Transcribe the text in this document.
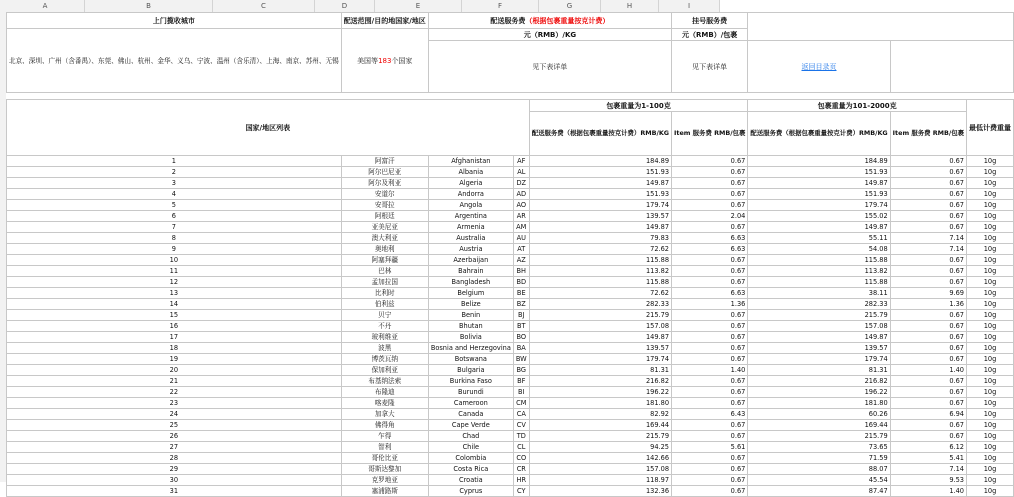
A	B	C	D	E	F	G	H	I
上门揽收城市	配送范围/目的地国家/地区	配送服务费（根据包裹重量按克计费）			挂号服务费			
北京、深圳、广州（含番禺）、东莞、佛山、杭州、金华、义乌、宁波、温州（含乐清）、上海、南京、苏州、无锡	美国等183个国家	元（RMB）/KG			元（RMB）/包裹			
		见下表详单			见下表详单	返回目录页		

国家/地区列表				包裹重量为1-100克		包裹重量为101-2000克		最低计费重量
				配送服务费（根据包裹重量按克计费）RMB/KG	Item 服务费 RMB/包裹	配送服务费（根据包裹重量按克计费）RMB/KG	Item 服务费 RMB/包裹	
1	阿富汗	Afghanistan	AF	184.89	0.67	184.89	0.67	10g
2	阿尔巴尼亚	Albania	AL	151.93	0.67	151.93	0.67	10g
3	阿尔及利亚	Algeria	DZ	149.87	0.67	149.87	0.67	10g
4	安道尔	Andorra	AD	151.93	0.67	151.93	0.67	10g
5	安哥拉	Angola	AO	179.74	0.67	179.74	0.67	10g
6	阿根廷	Argentina	AR	139.57	2.04	155.02	0.67	10g
7	亚美尼亚	Armenia	AM	149.87	0.67	149.87	0.67	10g
8	澳大利亚	Australia	AU	79.83	6.63	55.11	7.14	10g
9	奥地利	Austria	AT	72.62	6.63	54.08	7.14	10g
10	阿塞拜疆	Azerbaijan	AZ	115.88	0.67	115.88	0.67	10g
11	巴林	Bahrain	BH	113.82	0.67	113.82	0.67	10g
12	孟加拉国	Bangladesh	BD	115.88	0.67	115.88	0.67	10g
13	比利时	Belgium	BE	72.62	6.63	38.11	9.69	10g
14	伯利兹	Belize	BZ	282.33	1.36	282.33	1.36	10g
15	贝宁	Benin	BJ	215.79	0.67	215.79	0.67	10g
16	不丹	Bhutan	BT	157.08	0.67	157.08	0.67	10g
17	玻利维亚	Bolivia	BO	149.87	0.67	149.87	0.67	10g
18	波黑	Bosnia and Herzegovina	BA	139.57	0.67	139.57	0.67	10g
19	博茨瓦纳	Botswana	BW	179.74	0.67	179.74	0.67	10g
20	保加利亚	Bulgaria	BG	81.31	1.40	81.31	1.40	10g
21	布基纳法索	Burkina Faso	BF	216.82	0.67	216.82	0.67	10g
22	布隆迪	Burundi	BI	196.22	0.67	196.22	0.67	10g
23	喀麦隆	Cameroon	CM	181.80	0.67	181.80	0.67	10g
24	加拿大	Canada	CA	82.92	6.43	60.26	6.94	10g
25	佛得角	Cape Verde	CV	169.44	0.67	169.44	0.67	10g
26	乍得	Chad	TD	215.79	0.67	215.79	0.67	10g
27	智利	Chile	CL	94.25	5.61	73.65	6.12	10g
28	哥伦比亚	Colombia	CO	142.66	0.67	71.59	5.41	10g
29	哥斯达黎加	Costa Rica	CR	157.08	0.67	88.07	7.14	10g
30	克罗地亚	Croatia	HR	118.97	0.67	45.54	9.53	10g
31	塞浦路斯	Cyprus	CY	132.36	0.67	87.47	1.40	10g
